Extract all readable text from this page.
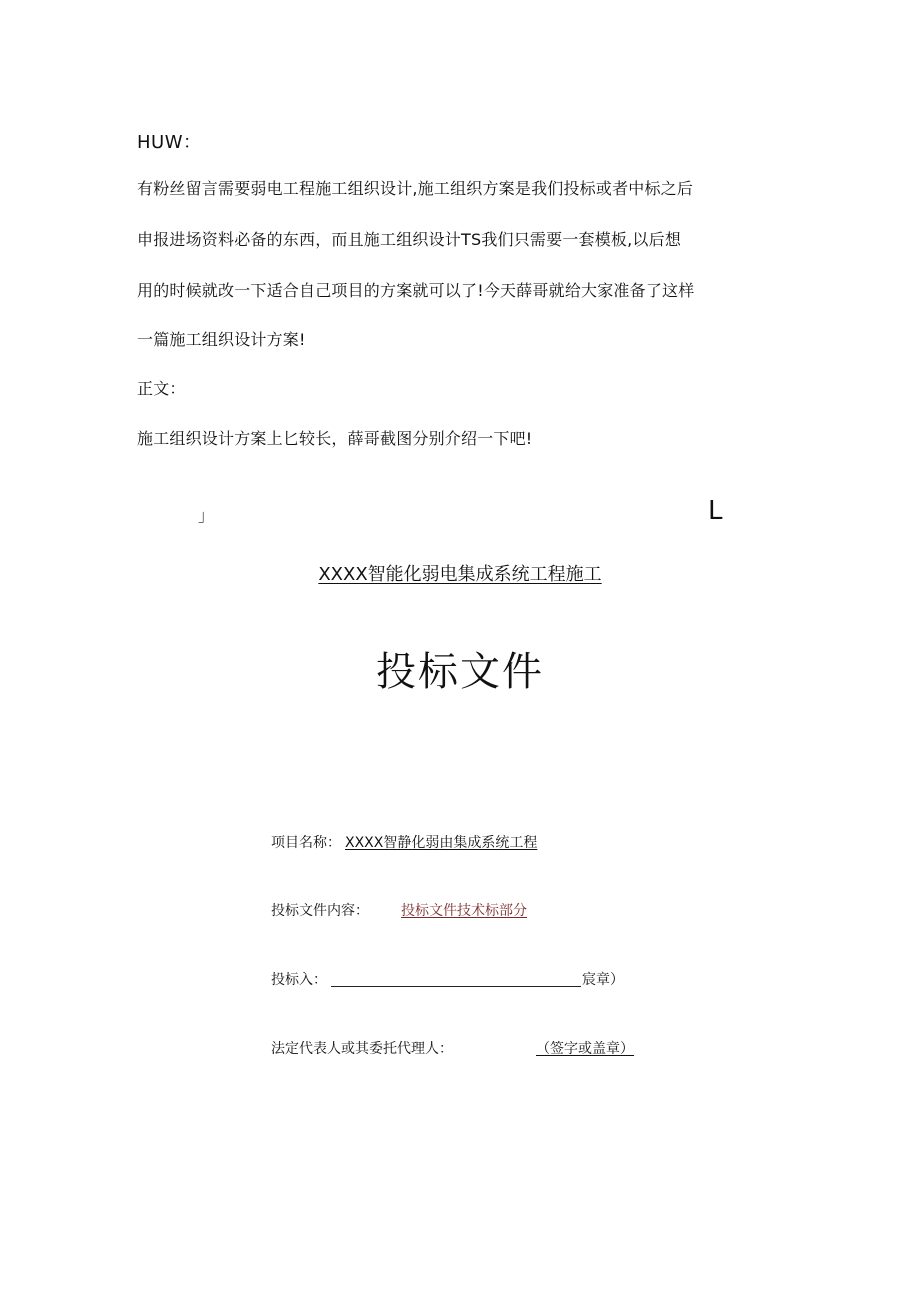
HUW：
有粉丝留言需要弱电工程施工组织设计,施工组织方案是我们投标或者中标之后
申报进场资料必备的东西，而且施工组织设计TS我们只需要一套模板,以后想
用的时候就改一下适合自己项目的方案就可以了!今天薛哥就给大家准备了这样
一篇施工组织设计方案!
正文：
施工组织设计方案上匕较长，薛哥截图分别介绍一下吧!
」	L
XXXX智能化弱电集成系统工程施工
投标文件
项目名称： XXXX智静化弱由集成系统工程
投标文件内容： 投标文件技术标部分
投标入：	宸章）
法定代表人或其委托代理人：	（签字或盖章）
